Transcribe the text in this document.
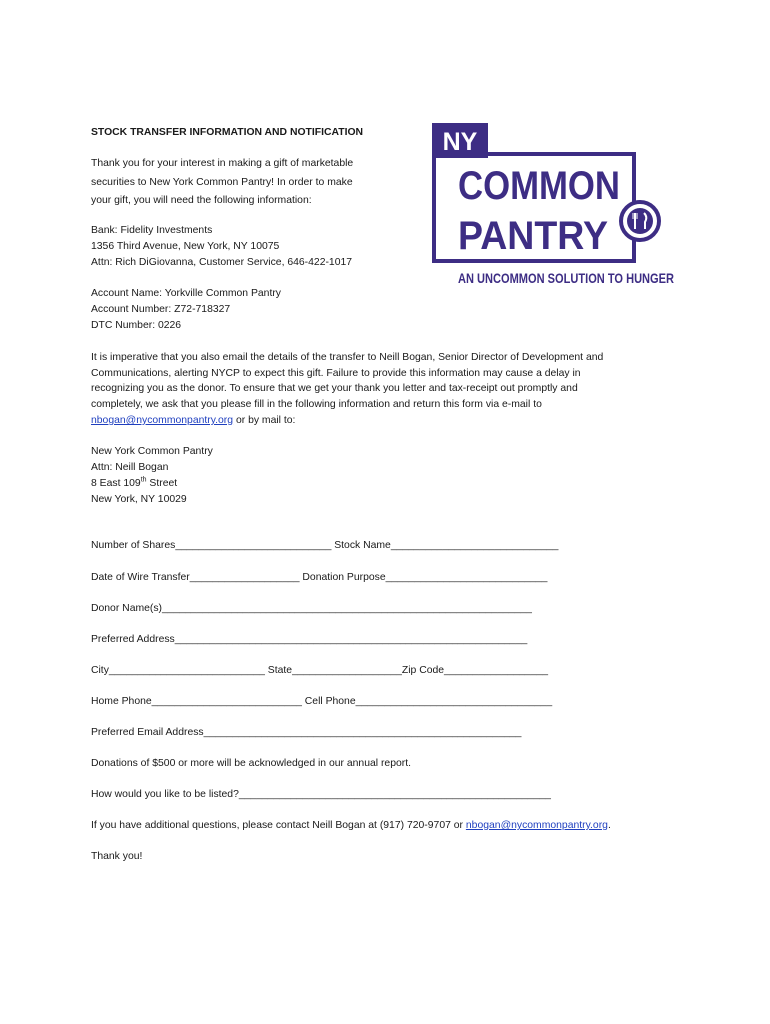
STOCK TRANSFER INFORMATION AND NOTIFICATION
Thank you for your interest in making a gift of marketable
securities to New York Common Pantry! In order to make
your gift, you will need the following information:
Bank: Fidelity Investments
1356 Third Avenue, New York, NY 10075
Attn: Rich DiGiovanna, Customer Service, 646-422-1017
Account Name: Yorkville Common Pantry
Account Number: Z72-718327
DTC Number: 0226
It is imperative that you also email the details of the transfer to Neill Bogan, Senior Director of Development and
Communications, alerting NYCP to expect this gift. Failure to provide this information may cause a delay in
recognizing you as the donor. To ensure that we get your thank you letter and tax-receipt out promptly and
completely, we ask that you please fill in the following information and return this form via e-mail to
nbogan@nycommonpantry.org or by mail to:
New York Common Pantry
Attn: Neill Bogan
8 East 109th Street
New York, NY 10029
Number of Shares___________________________ Stock Name_____________________________
Date of Wire Transfer___________________ Donation Purpose____________________________
Donor Name(s)________________________________________________________________
Preferred Address_____________________________________________________________
City___________________________ State___________________Zip Code__________________
Home Phone__________________________ Cell Phone__________________________________
Preferred Email Address_______________________________________________________
Donations of $500 or more will be acknowledged in our annual report.
How would you like to be listed?______________________________________________________
If you have additional questions, please contact Neill Bogan at (917) 720-9707 or nbogan@nycommonpantry.org.
Thank you!
NY
COMMON
PANTRY
AN UNCOMMON SOLUTION TO HUNGER
